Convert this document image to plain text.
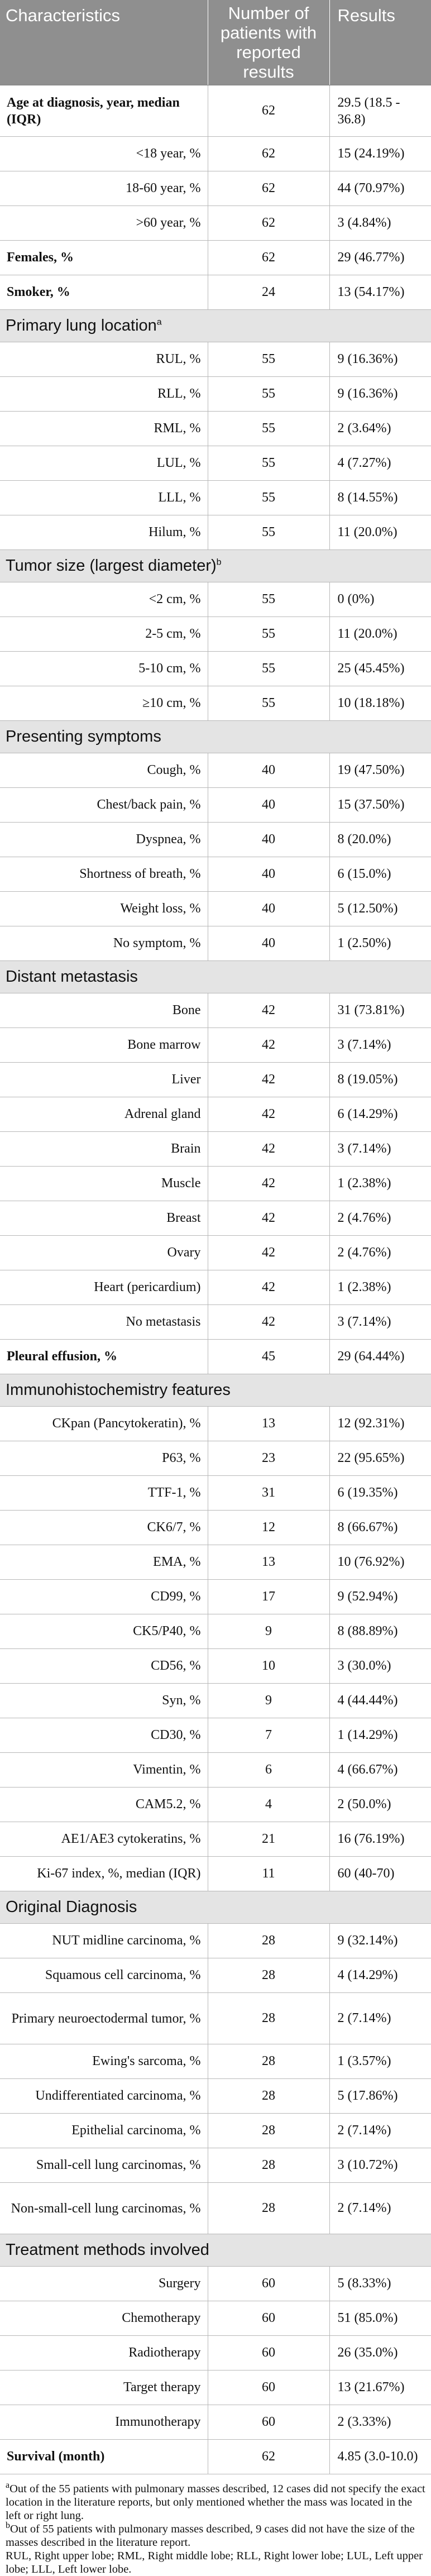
Characteristics	Number of patients with reported results	Results
Age at diagnosis, year, median (IQR)	62	29.5 (18.5 - 36.8)
<18 year, %	62	15 (24.19%)
18-60 year, %	62	44 (70.97%)
>60 year, %	62	3 (4.84%)
Females, %	62	29 (46.77%)
Smoker, %	24	13 (54.17%)
Primary lung location$^a$
RUL, %	55	9 (16.36%)
RLL, %	55	9 (16.36%)
RML, %	55	2 (3.64%)
LUL, %	55	4 (7.27%)
LLL, %	55	8 (14.55%)
Hilum, %	55	11 (20.0%)
Tumor size (largest diameter)$^b$
<2 cm, %	55	0 (0%)
2-5 cm, %	55	11 (20.0%)
5-10 cm, %	55	25 (45.45%)
≥10 cm, %	55	10 (18.18%)
Presenting symptoms		
Cough, %	40	19 (47.50%)
Chest/back pain, %	40	15 (37.50%)
Dyspnea, %	40	8 (20.0%)
Shortness of breath, %	40	6 (15.0%)
Weight loss, %	40	5 (12.50%)
No symptom, %	40	1 (2.50%)
Distant metastasis		
Bone	42	31 (73.81%)
Bone marrow	42	3 (7.14%)
Liver	42	8 (19.05%)
Adrenal gland	42	6 (14.29%)
Brain	42	3 (7.14%)
Muscle	42	1 (2.38%)
Breast	42	2 (4.76%)
Ovary	42	2 (4.76%)
Heart (pericardium)	42	1 (2.38%)
No metastasis	42	3 (7.14%)
Pleural effusion, %	45	29 (64.44%)
Immunohistochemistry features		
CKpan (Pancytokeratin), %	13	12 (92.31%)
P63, %	23	22 (95.65%)
TTF-1, %	31	6 (19.35%)
CK6/7, %	12	8 (66.67%)
EMA, %	13	10 (76.92%)
CD99, %	17	9 (52.94%)
CK5/P40, %	9	8 (88.89%)
CD56, %	10	3 (30.0%)
Syn, %	9	4 (44.44%)
CD30, %	7	1 (14.29%)
Vimentin, %	6	4 (66.67%)
CAM5.2, %	4	2 (50.0%)
AE1/AE3 cytokeratins, %	21	16 (76.19%)
Ki-67 index, %, median (IQR)	11	60 (40-70)
Original Diagnosis		
NUT midline carcinoma, %	28	9 (32.14%)
Squamous cell carcinoma, %	28	4 (14.29%)
Primary neuroectodermal tumor, %	28	2 (7.14%)
Ewing's sarcoma, %	28	1 (3.57%)
Undifferentiated carcinoma, %	28	5 (17.86%)
Epithelial carcinoma, %	28	2 (7.14%)
Small-cell lung carcinomas, %	28	3 (10.72%)
Non-small-cell lung carcinomas, %	28	2 (7.14%)
Treatment methods involved		
Surgery	60	5 (8.33%)
Chemotherapy	60	51 (85.0%)
Radiotherapy	60	26 (35.0%)
Target therapy	60	13 (21.67%)
Immunotherapy	60	2 (3.33%)
Survival (month)	62	4.85 (3.0-10.0)

$^a$Out of the 55 patients with pulmonary masses described, 12 cases did not specify the exact location in the literature reports, but only mentioned whether the mass was located in the left or right lung.

$^b$Out of 55 patients with pulmonary masses described, 9 cases did not have the size of the masses described in the literature report.

RUL, Right upper lobe; RML, Right middle lobe; RLL, Right lower lobe; LUL, Left upper lobe; LLL, Left lower lobe.
